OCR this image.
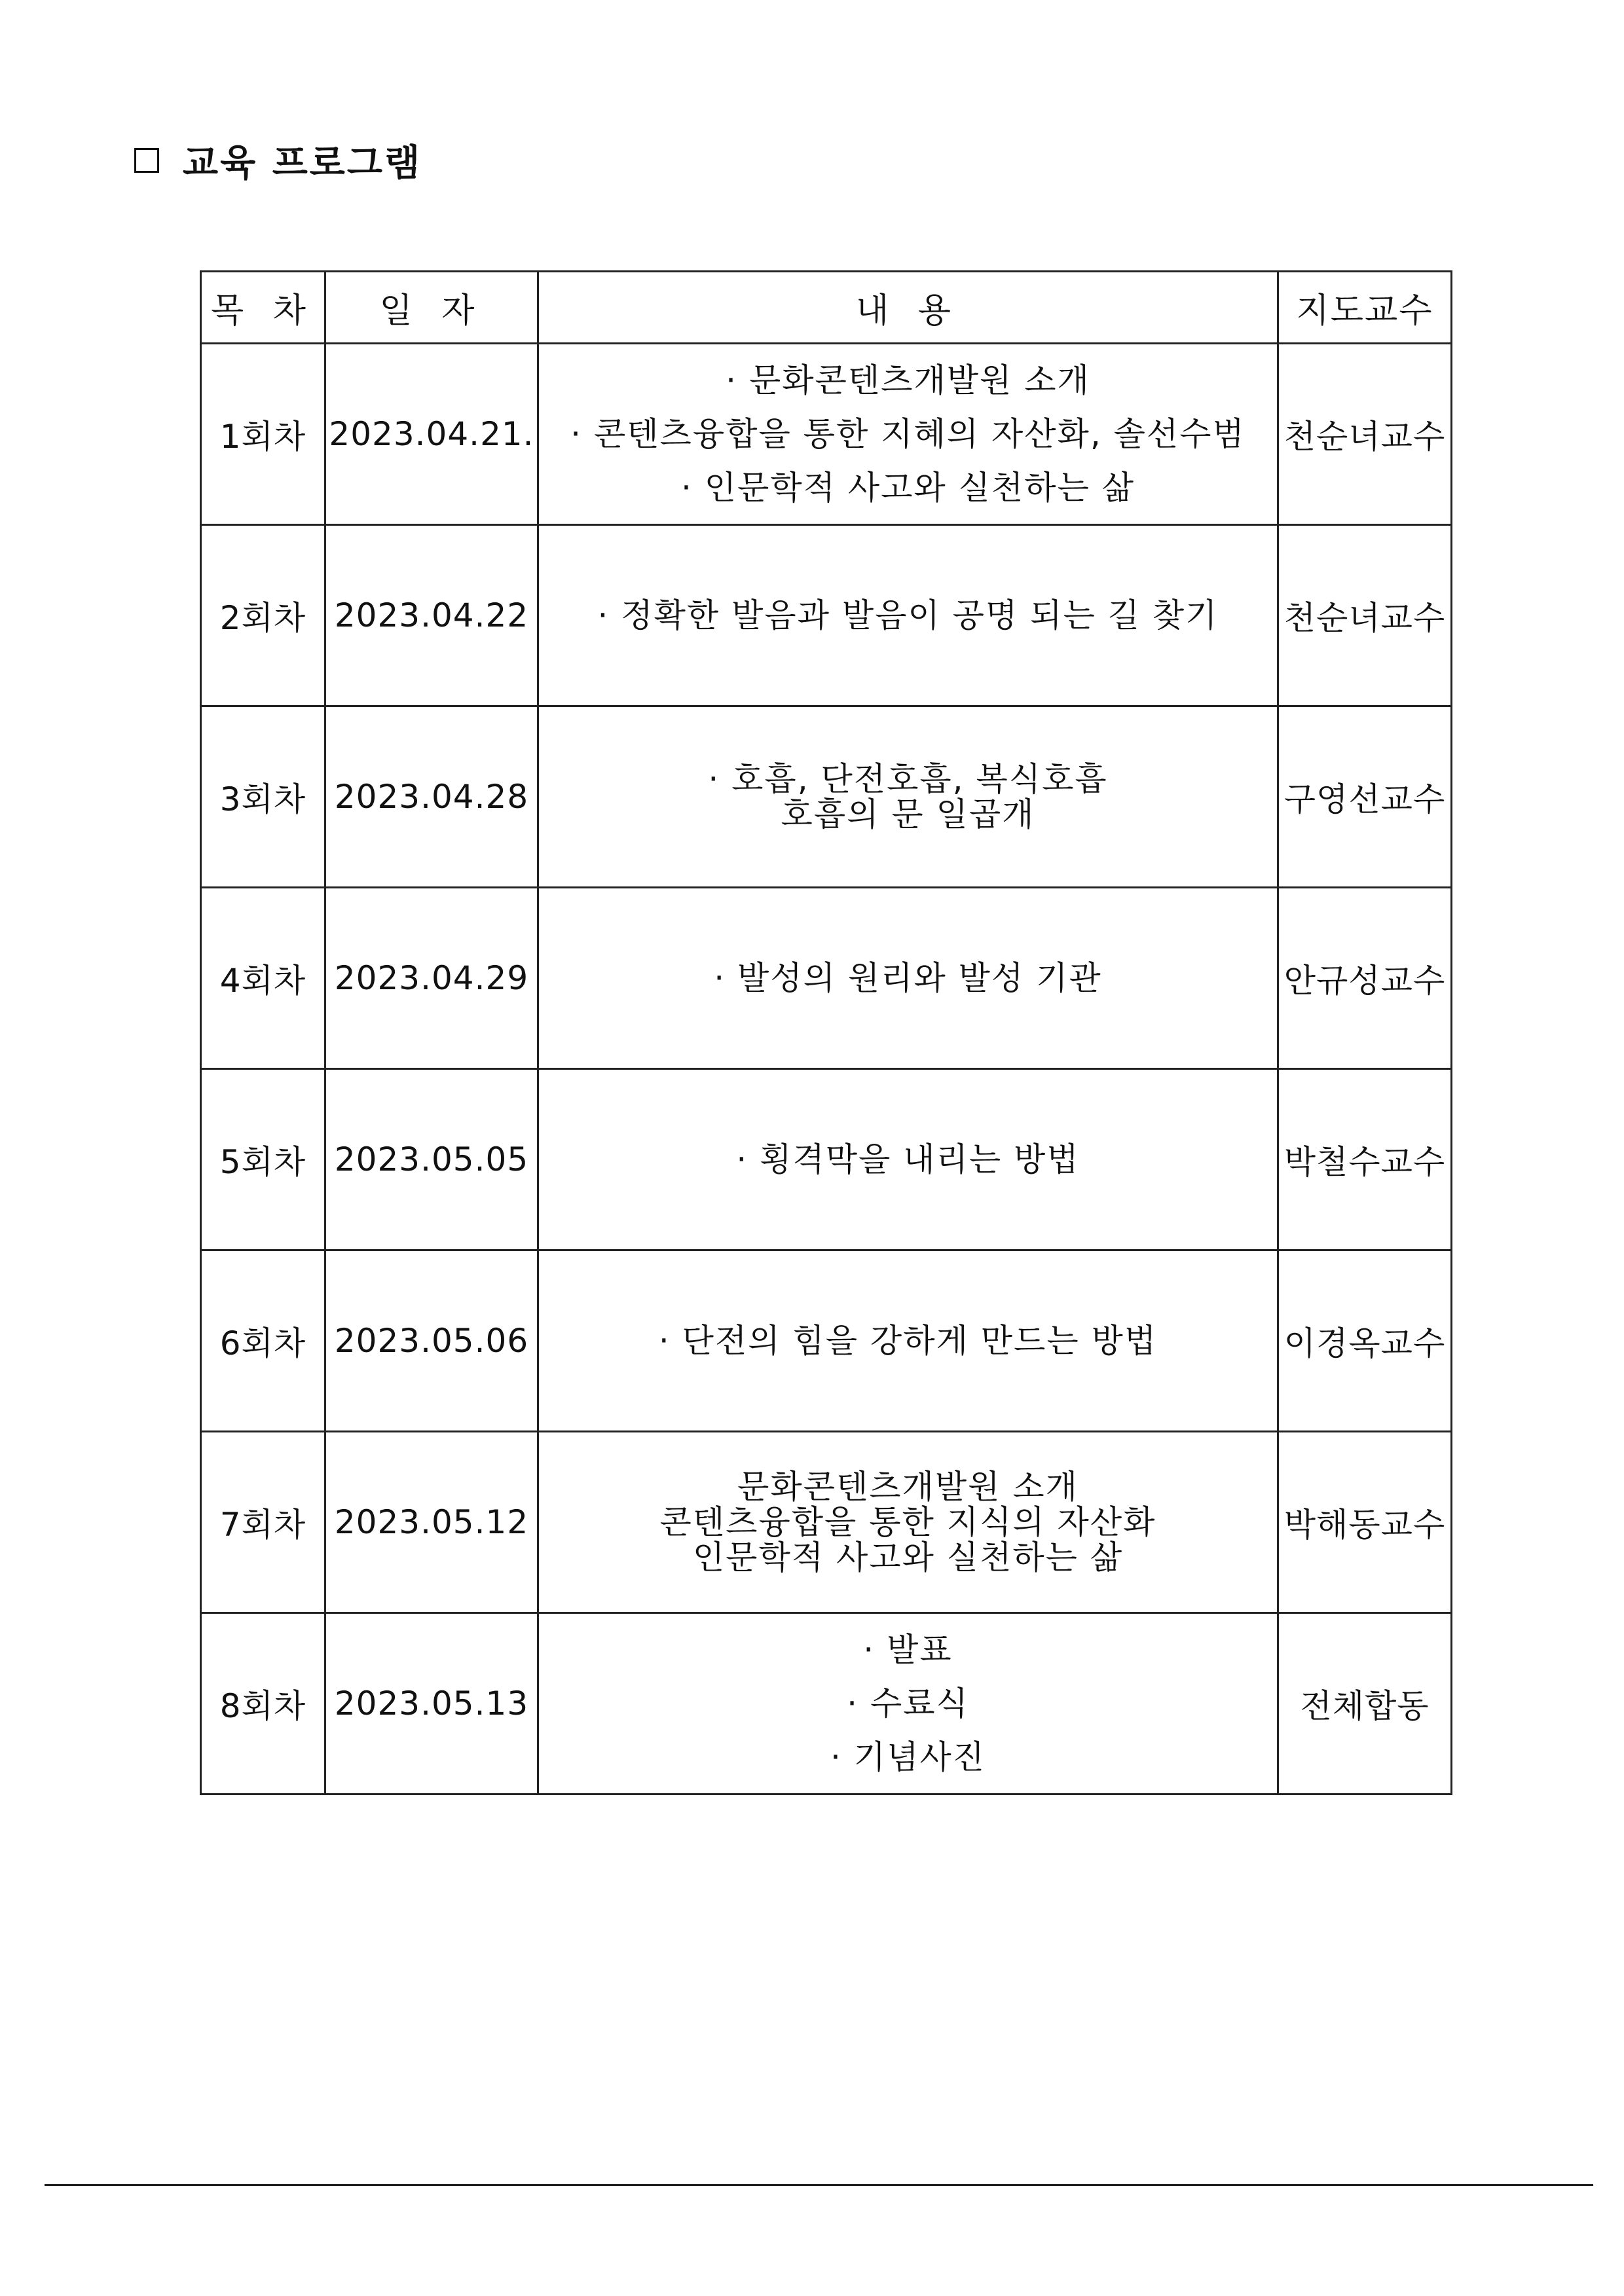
교육 프로그램
목 차	일 자	내 용	지도교수
1회차	2023.04.21.	· 문화콘텐츠개발원 소개
· 콘텐츠융합을 통한 지혜의 자산화, 솔선수범
· 인문학적 사고와 실천하는 삶	천순녀교수
2회차	2023.04.22	· 정확한 발음과 발음이 공명 되는 길 찾기	천순녀교수
3회차	2023.04.28	· 호흡, 단전호흡, 복식호흡
호흡의 문 일곱개	구영선교수
4회차	2023.04.29	· 발성의 원리와 발성 기관	안규성교수
5회차	2023.05.05	· 횡격막을 내리는 방법	박철수교수
6회차	2023.05.06	· 단전의 힘을 강하게 만드는 방법	이경옥교수
7회차	2023.05.12	문화콘텐츠개발원 소개
콘텐츠융합을 통한 지식의 자산화
인문학적 사고와 실천하는 삶	박해동교수
8회차	2023.05.13	· 발표
· 수료식
· 기념사진	전체합동
